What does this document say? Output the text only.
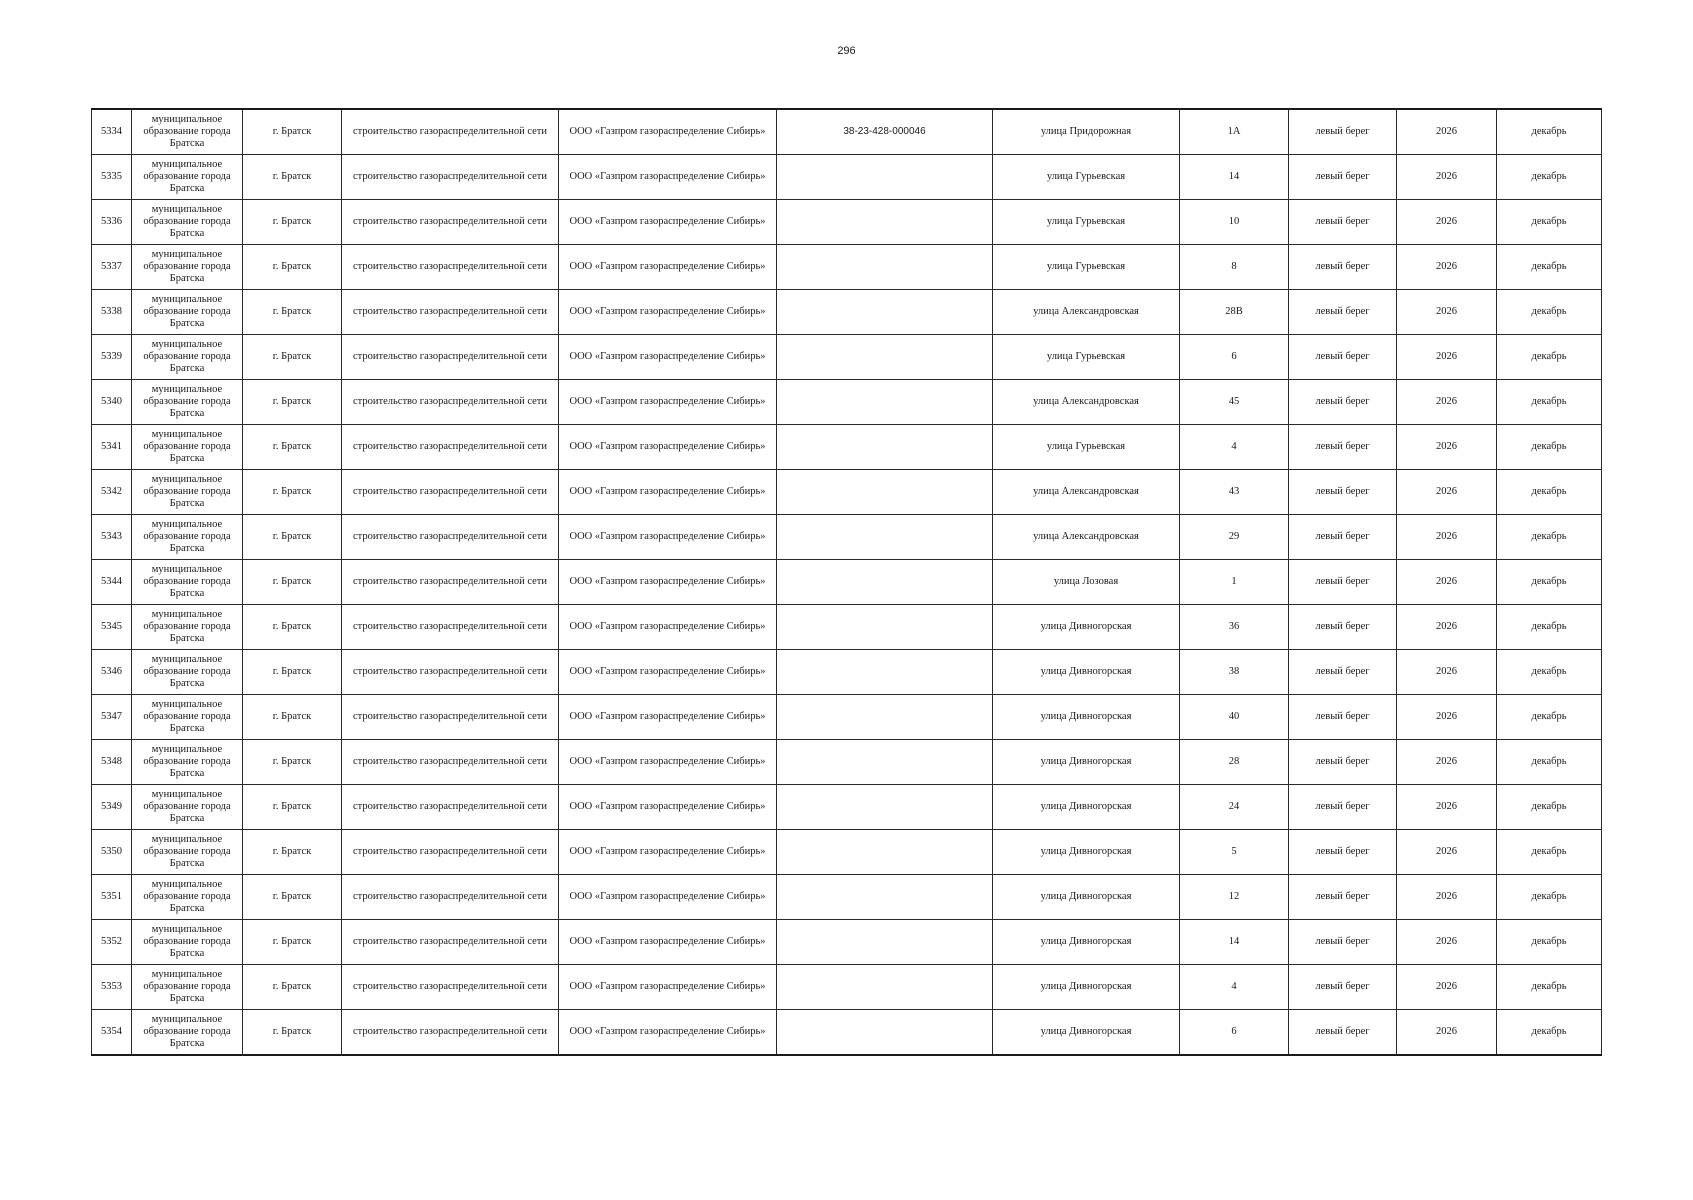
296
5334	муниципальное образование города Братска	г. Братск	строительство газораспределительной сети	ООО «Газпром газораспределение Сибирь»	38-23-428-000046	улица Придорожная	1А	левый берег	2026	декабрь
5335	муниципальное образование города Братска	г. Братск	строительство газораспределительной сети	ООО «Газпром газораспределение Сибирь»		улица Гурьевская	14	левый берег	2026	декабрь
5336	муниципальное образование города Братска	г. Братск	строительство газораспределительной сети	ООО «Газпром газораспределение Сибирь»		улица Гурьевская	10	левый берег	2026	декабрь
5337	муниципальное образование города Братска	г. Братск	строительство газораспределительной сети	ООО «Газпром газораспределение Сибирь»		улица Гурьевская	8	левый берег	2026	декабрь
5338	муниципальное образование города Братска	г. Братск	строительство газораспределительной сети	ООО «Газпром газораспределение Сибирь»		улица Александровская	28В	левый берег	2026	декабрь
5339	муниципальное образование города Братска	г. Братск	строительство газораспределительной сети	ООО «Газпром газораспределение Сибирь»		улица Гурьевская	6	левый берег	2026	декабрь
5340	муниципальное образование города Братска	г. Братск	строительство газораспределительной сети	ООО «Газпром газораспределение Сибирь»		улица Александровская	45	левый берег	2026	декабрь
5341	муниципальное образование города Братска	г. Братск	строительство газораспределительной сети	ООО «Газпром газораспределение Сибирь»		улица Гурьевская	4	левый берег	2026	декабрь
5342	муниципальное образование города Братска	г. Братск	строительство газораспределительной сети	ООО «Газпром газораспределение Сибирь»		улица Александровская	43	левый берег	2026	декабрь
5343	муниципальное образование города Братска	г. Братск	строительство газораспределительной сети	ООО «Газпром газораспределение Сибирь»		улица Александровская	29	левый берег	2026	декабрь
5344	муниципальное образование города Братска	г. Братск	строительство газораспределительной сети	ООО «Газпром газораспределение Сибирь»		улица Лозовая	1	левый берег	2026	декабрь
5345	муниципальное образование города Братска	г. Братск	строительство газораспределительной сети	ООО «Газпром газораспределение Сибирь»		улица Дивногорская	36	левый берег	2026	декабрь
5346	муниципальное образование города Братска	г. Братск	строительство газораспределительной сети	ООО «Газпром газораспределение Сибирь»		улица Дивногорская	38	левый берег	2026	декабрь
5347	муниципальное образование города Братска	г. Братск	строительство газораспределительной сети	ООО «Газпром газораспределение Сибирь»		улица Дивногорская	40	левый берег	2026	декабрь
5348	муниципальное образование города Братска	г. Братск	строительство газораспределительной сети	ООО «Газпром газораспределение Сибирь»		улица Дивногорская	28	левый берег	2026	декабрь
5349	муниципальное образование города Братска	г. Братск	строительство газораспределительной сети	ООО «Газпром газораспределение Сибирь»		улица Дивногорская	24	левый берег	2026	декабрь
5350	муниципальное образование города Братска	г. Братск	строительство газораспределительной сети	ООО «Газпром газораспределение Сибирь»		улица Дивногорская	5	левый берег	2026	декабрь
5351	муниципальное образование города Братска	г. Братск	строительство газораспределительной сети	ООО «Газпром газораспределение Сибирь»		улица Дивногорская	12	левый берег	2026	декабрь
5352	муниципальное образование города Братска	г. Братск	строительство газораспределительной сети	ООО «Газпром газораспределение Сибирь»		улица Дивногорская	14	левый берег	2026	декабрь
5353	муниципальное образование города Братска	г. Братск	строительство газораспределительной сети	ООО «Газпром газораспределение Сибирь»		улица Дивногорская	4	левый берег	2026	декабрь
5354	муниципальное образование города Братска	г. Братск	строительство газораспределительной сети	ООО «Газпром газораспределение Сибирь»		улица Дивногорская	6	левый берег	2026	декабрь
